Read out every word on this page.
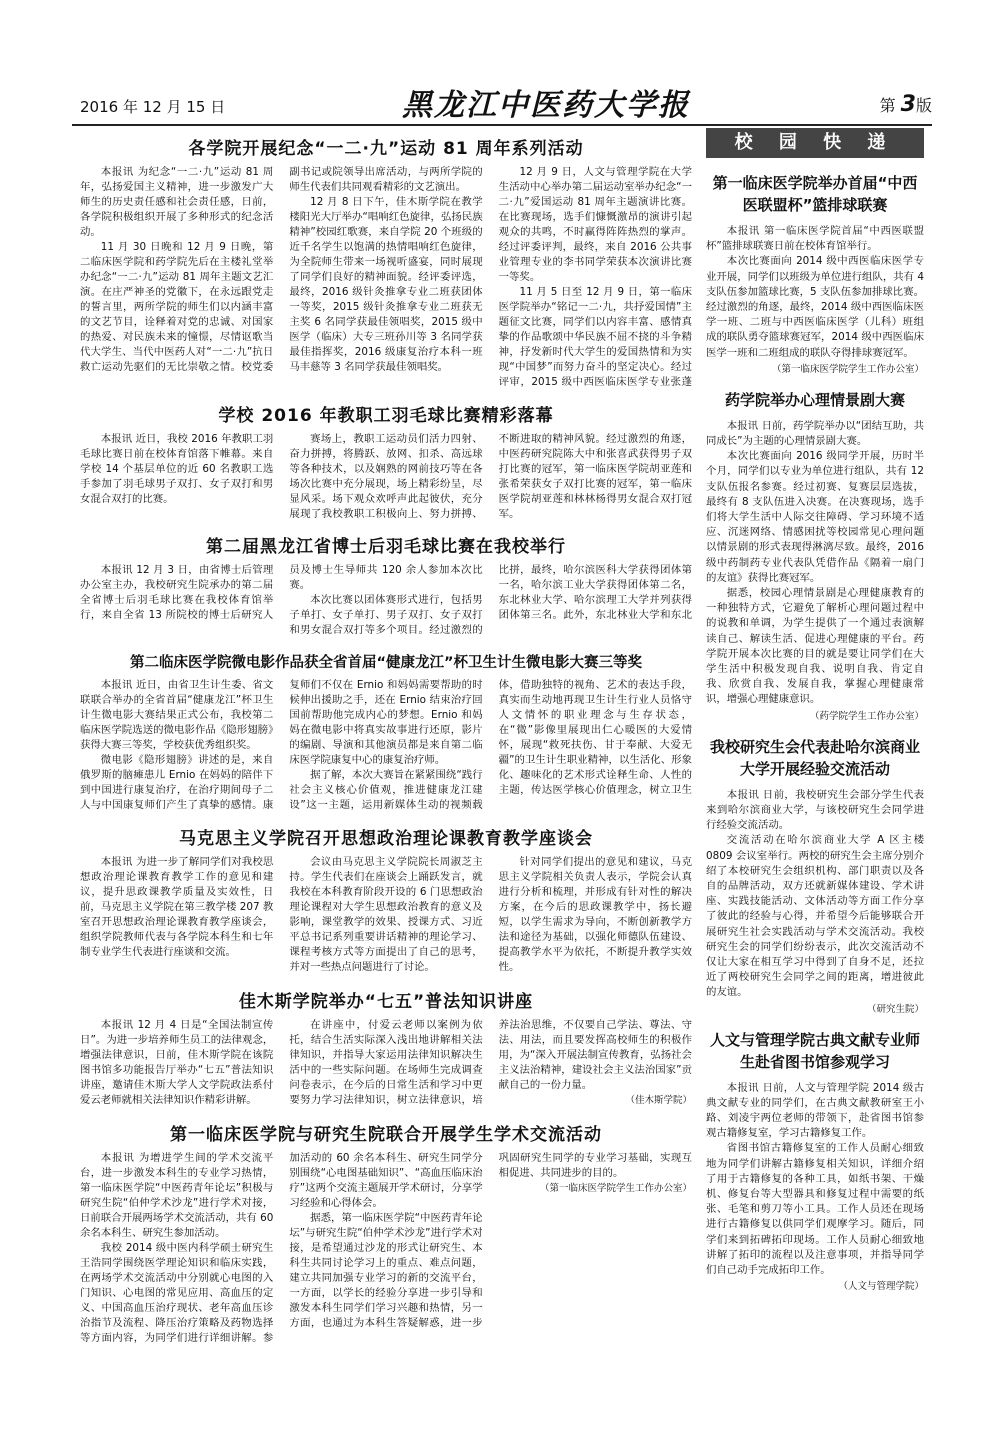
2016 年 12 月 15 日	黑龙江中医药大学报	第 3版
各学院开展纪念“一二·九”运动 81 周年系列活动

本报讯 为纪念“一二·九”运动 81 周年，弘扬爱国主义精神，进一步激发广大师生的历史责任感和社会责任感，日前，各学院积极组织开展了多种形式的纪念活动。

11 月 30 日晚和 12 月 9 日晚，第二临床医学院和药学院先后在主楼礼堂举办纪念“一二·九”运动 81 周年主题文艺汇演。在庄严神圣的党徽下，在永远跟党走的誓言里，两所学院的师生们以内涵丰富的文艺节目，诠释着对党的忠诚、对国家的热爱、对民族未来的憧憬，尽情讴歌当代大学生、当代中医药人对“一二·九”抗日救亡运动先驱们的无比崇敬之情。校党委副书记或院领导出席活动，与两所学院的师生代表们共同观看精彩的文艺演出。

12 月 8 日下午，佳木斯学院在教学楼阳光大厅举办“唱响红色旋律，弘扬民族精神”校园红歌赛，来自学院 20 个班级的近千名学生以饱满的热情唱响红色旋律，为全院师生带来一场视听盛宴，同时展现了同学们良好的精神面貌。经评委评选，最终，2016 级针灸推拿专业二班获团体一等奖，2015 级针灸推拿专业二班获无主奖 6 名同学获最佳领唱奖，2015 级中医学（临床）大专三班孙川等 3 名同学获最佳指挥奖，2016 级康复治疗本科一班马丰慈等 3 名同学获最佳领唱奖。

12 月 9 日，人文与管理学院在大学生活动中心举办第二届运动室举办纪念“一二·九”爱国运动 81 周年主题演讲比赛。在比赛现场，选手们慷慨激昂的演讲引起观众的共鸣，不时赢得阵阵热烈的掌声。经过评委评判，最终，来自 2016 公共事业管理专业的李书同学荣获本次演讲比赛一等奖。

11 月 5 日至 12 月 9 日，第一临床医学院举办“铭记一二·九，共抒爱国情”主题征文比赛，同学们以内容丰富、感情真挚的作品歌颂中华民族不屈不挠的斗争精神，抒发新时代大学生的爱国热情和为实现“中国梦”而努力奋斗的坚定决心。经过评审，2015 级中西医临床医学专业张蓬

学校 2016 年教职工羽毛球比赛精彩落幕

本报讯 近日，我校 2016 年教职工羽毛球比赛日前在校体育馆落下帷幕。来自学校 14 个基层单位的近 60 名教职工选手参加了羽毛球男子双打、女子双打和男女混合双打的比赛。

赛场上，教职工运动员们活力四射、奋力拼搏，将腾跃、放网、扣杀、高远球等各种技术，以及娴熟的网前技巧等在各场次比赛中充分展现，场上精彩纷呈，尽显风采。场下观众欢呼声此起彼伏，充分展现了我校教职工积极向上、努力拼搏、不断进取的精神风貌。经过激烈的角逐，中医药研究院陈大中和张喜武获得男子双打比赛的冠军，第一临床医学院胡亚莲和张希荣获女子双打比赛的冠军，第一临床医学院胡亚莲和林林杨得男女混合双打冠军。

第二届黑龙江省博士后羽毛球比赛在我校举行

本报讯 12 月 3 日，由省博士后管理办公室主办，我校研究生院承办的第二届全省博士后羽毛球比赛在我校体育馆举行，来自全省 13 所院校的博士后研究人员及博士生导师共 120 余人参加本次比赛。

本次比赛以团体赛形式进行，包括男子单打、女子单打、男子双打、女子双打和男女混合双打等多个项目。经过激烈的比拼，最终，哈尔滨医科大学获得团体第一名，哈尔滨工业大学获得团体第二名，东北林业大学、哈尔滨理工大学并列获得团体第三名。此外，东北林业大学和东北

第二临床医学院微电影作品获全省首届“健康龙江”杯卫生计生微电影大赛三等奖

本报讯 近日，由省卫生计生委、省文联联合举办的全省首届“健康龙江”杯卫生计生微电影大赛结果正式公布，我校第二临床医学院选送的微电影作品《隐形翅膀》获得大赛三等奖，学校获优秀组织奖。

微电影《隐形翅膀》讲述的是，来自俄罗斯的脑瘫患儿 Ernio 在妈妈的陪伴下到中国进行康复治疗，在治疗期间母子二人与中国康复师们产生了真挚的感情。康复师们不仅在 Ernio 和妈妈需要帮助的时候伸出援助之手，还在 Ernio 结束治疗回国前帮助他完成内心的梦想。Ernio 和妈妈在微电影中将真实故事进行还原，影片的编剧、导演和其他演员都是来自第二临床医学院康复中心的康复治疗师。

据了解，本次大赛旨在紧紧围绕“践行社会主义核心价值观，推进健康龙江建设”这一主题，运用新媒体生动的视频载体，借助独特的视角、艺术的表达手段，真实而生动地再现卫生计生行业人员恪守人文情怀的职业理念与生存状态，在“微”影像里展现出仁心暖医的大爱情怀，展现“救死扶伤、甘于奉献、大爱无疆”的卫生计生职业精神，以生活化、形象化、趣味化的艺术形式诠释生命、人性的主题，传达医学核心价值理念，树立卫生

马克思主义学院召开思想政治理论课教育教学座谈会

本报讯 为进一步了解同学们对我校思想政治理论课教育教学工作的意见和建议，提升思政课教学质量及实效性，日前，马克思主义学院在第三教学楼 207 教室召开思想政治理论课教育教学座谈会，组织学院教师代表与各学院本科生和七年制专业学生代表进行座谈和交流。

会议由马克思主义学院院长周淑芝主持。学生代表们在座谈会上踊跃发言，就我校在本科教育阶段开设的 6 门思想政治理论课程对大学生思想政治教育的意义及影响，课堂教学的效果、授课方式、习近平总书记系列重要讲话精神的理论学习、课程考核方式等方面提出了自己的思考，并对一些热点问题进行了讨论。

针对同学们提出的意见和建议，马克思主义学院相关负责人表示，学院会认真进行分析和梳理，并形成有针对性的解决方案，在今后的思政课教学中，扬长避短，以学生需求为导向，不断创新教学方法和途径为基础，以强化师德队伍建设、提高教学水平为依托，不断提升教学实效性。

佳木斯学院举办“七五”普法知识讲座

本报讯 12 月 4 日是“全国法制宣传日”。为进一步培养师生员工的法律观念，增强法律意识，日前，佳木斯学院在该院图书馆多功能报告厅举办“七五”普法知识讲座，邀请佳木斯大学人文学院政法系付爱云老师就相关法律知识作精彩讲解。

在讲座中，付爱云老师以案例为依托，结合生活实际深入浅出地讲解相关法律知识，并指导大家运用法律知识解决生活中的一些实际问题。在场师生完成调查问卷表示，在今后的日常生活和学习中更要努力学习法律知识，树立法律意识，培养法治思维，不仅要自己学法、尊法、守法、用法，而且要发挥高校师生的积极作用，为“深入开展法制宣传教育，弘扬社会主义法治精神，建设社会主义法治国家”贡献自己的一份力量。

（佳木斯学院）

第一临床医学院与研究生院联合开展学生学术交流活动

本报讯 为增进学生间的学术交流平台，进一步激发本科生的专业学习热情，第一临床医学院“中医药青年论坛”积极与研究生院“伯仲学术沙龙”进行学术对接，日前联合开展两场学术交流活动，共有 60 余名本科生、研究生参加活动。

我校 2014 级中医内科学硕士研究生王浩同学围绕医学理论知识和临床实践，在两场学术交流活动中分别就心电图的入门知识、心电图的常见应用、高血压的定义、中国高血压治疗现状、老年高血压诊治指节及流程、降压治疗策略及药物选择等方面内容，为同学们进行详细讲解。参加活动的 60 余名本科生、研究生同学分别围绕“心电图基础知识”、“高血压临床治疗”这两个交流主题展开学术研讨，分享学习经验和心得体会。

据悉，第一临床医学院“中医药青年论坛”与研究生院“伯仲学术沙龙”进行学术对接，是希望通过沙龙的形式让研究生、本科生共同讨论学习上的重点、难点问题，建立共同加强专业学习的新的交流平台，一方面，以学长的经验分享进一步引导和激发本科生同学们学习兴趣和热情，另一方面，也通过为本科生答疑解惑，进一步巩固研究生同学的专业学习基础，实现互相促进、共同进步的目的。

（第一临床医学院学生工作办公室）

校 园 快 递
第一临床医学院举办首届“中西医联盟杯”篮排球联赛

本报讯 第一临床医学院首届“中西医联盟杯”篮排球联赛日前在校体育馆举行。

本次比赛面向 2014 级中西医临床医学专业开展，同学们以班级为单位进行组队，共有 4 支队伍参加篮球比赛，5 支队伍参加排球比赛。经过激烈的角逐，最终，2014 级中西医临床医学一班、二班与中西医临床医学（儿科）班组成的联队勇夺篮球赛冠军，2014 级中西医临床医学一班和二班组成的联队夺得排球赛冠军。

（第一临床医学院学生工作办公室）

药学院举办心理情景剧大赛

本报讯 日前，药学院举办以“团结互助，共同成长”为主题的心理情景剧大赛。

本次比赛面向 2016 级同学开展，历时半个月，同学们以专业为单位进行组队，共有 12 支队伍报名参赛。经过初赛、复赛层层选拔，最终有 8 支队伍进入决赛。在决赛现场，选手们将大学生活中人际交往障碍、学习环境不适应、沉迷网络、情感困扰等校园常见心理问题以情景剧的形式表现得淋漓尽致。最终，2016 级中药制药专业代表队凭借作品《隔着一扇门的友谊》获得比赛冠军。

据悉，校园心理情景剧是心理健康教育的一种独特方式，它避免了解析心理问题过程中的说教和单调，为学生提供了一个通过表演解读自己、解读生活、促进心理健康的平台。药学院开展本次比赛的目的就是要让同学们在大学生活中积极发现自我、说明自我、肯定自我、欣赏自我、发展自我，掌握心理健康常识，增强心理健康意识。

（药学院学生工作办公室）

我校研究生会代表赴哈尔滨商业大学开展经验交流活动

本报讯 日前，我校研究生会部分学生代表来到哈尔滨商业大学，与该校研究生会同学进行经验交流活动。

交流活动在哈尔滨商业大学 A 区主楼 0809 会议室举行。两校的研究生会主席分别介绍了本校研究生会组织机构、部门职责以及各自的品牌活动，双方还就新媒体建设、学术讲座、实践技能活动、文体活动等方面工作分享了彼此的经验与心得，并希望今后能够联合开展研究生社会实践活动与学术交流活动。我校研究生会的同学们纷纷表示，此次交流活动不仅让大家在相互学习中得到了自身不足，还拉近了两校研究生会同学之间的距离，增进彼此的友谊。

（研究生院）

人文与管理学院古典文献专业师生赴省图书馆参观学习

本报讯 日前，人文与管理学院 2014 级古典文献专业的同学们，在古典文献教研室王小路、刘凌宇两位老师的带领下，赴省图书馆参观古籍修复室，学习古籍修复工作。

省图书馆古籍修复室的工作人员耐心细致地为同学们讲解古籍修复相关知识，详细介绍了用于古籍修复的各种工具，如纸书架、干燥机、修复台等大型器具和修复过程中需要的纸张、毛笔和剪刀等小工具。工作人员还在现场进行古籍修复以供同学们观摩学习。随后，同学们来到拓碑拓印现场。工作人员耐心细致地讲解了拓印的流程以及注意事项，并指导同学们自己动手完成拓印工作。

（人文与管理学院）
